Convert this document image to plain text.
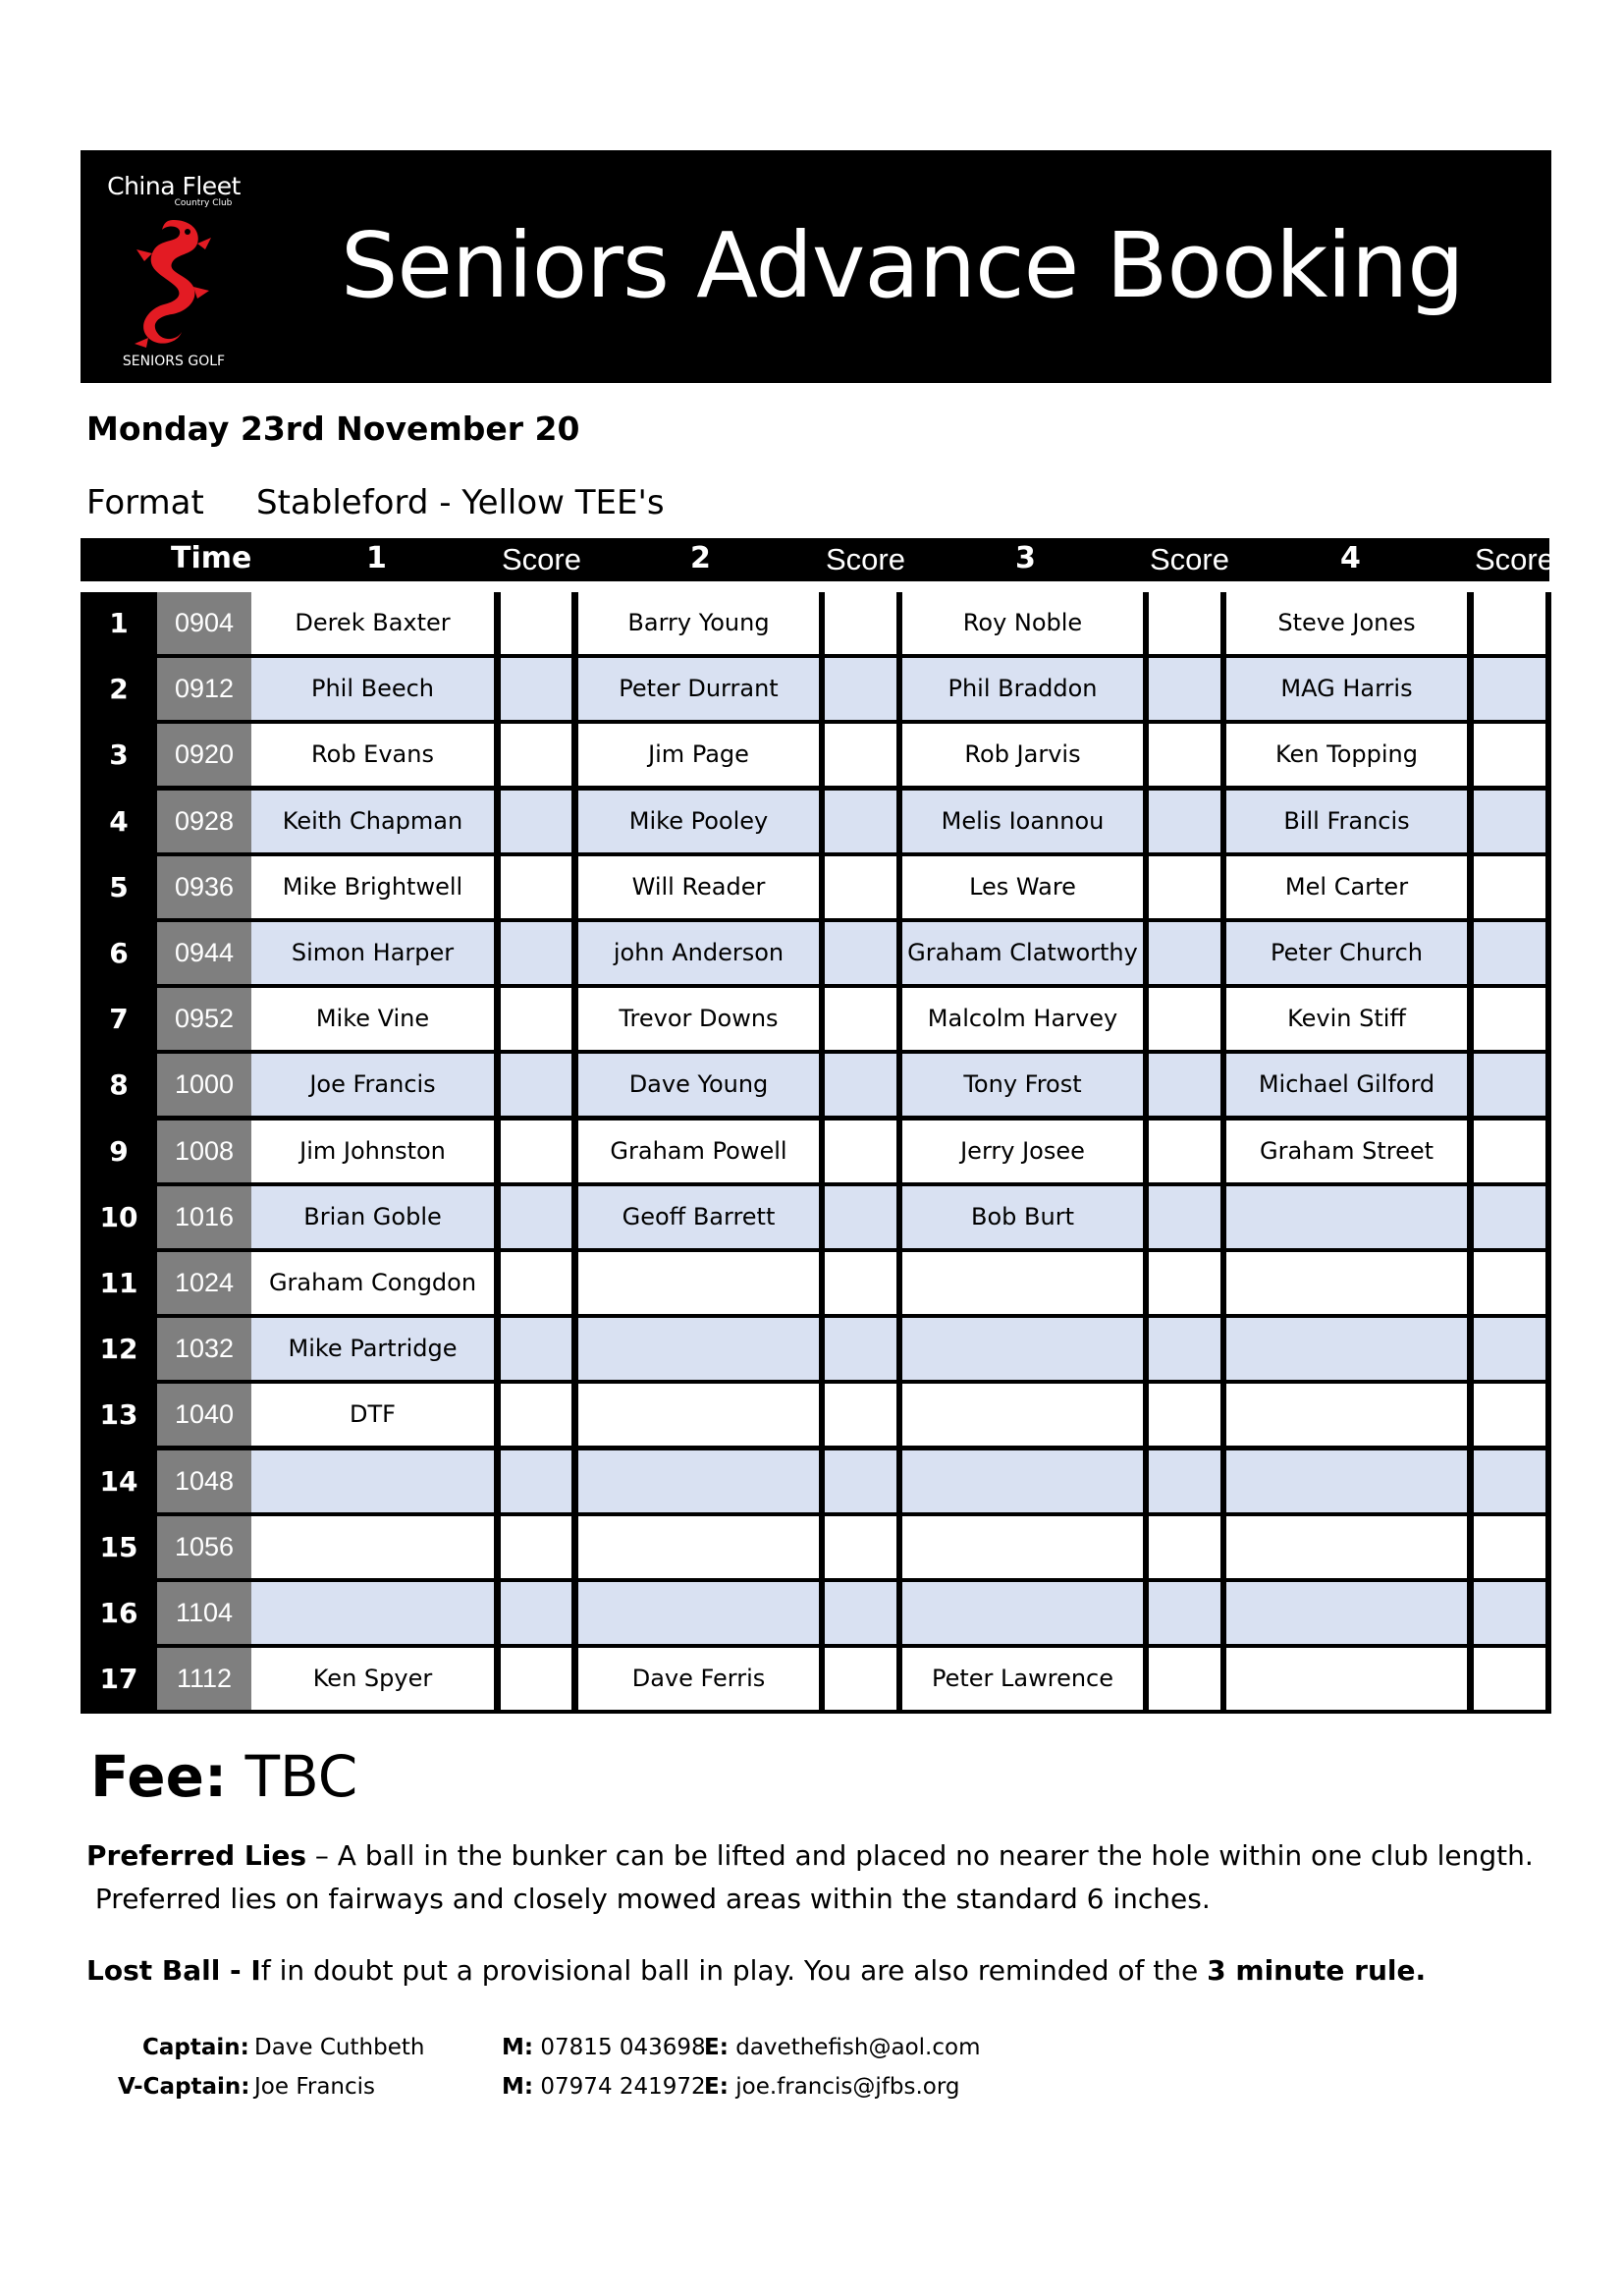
China Fleet
Country Club
SENIORS GOLF
Seniors Advance Booking
Monday 23rd November 20
Format Stableford - Yellow TEE's
Time	1	Score	2	Score	3	Score	4	Score
1	0904	Derek Baxter	Barry Young	Roy Noble	Steve Jones
2	0912	Phil Beech	Peter Durrant	Phil Braddon	MAG Harris
3	0920	Rob Evans	Jim Page	Rob Jarvis	Ken Topping
4	0928	Keith Chapman	Mike Pooley	Melis Ioannou	Bill Francis
5	0936	Mike Brightwell	Will Reader	Les Ware	Mel Carter
6	0944	Simon Harper	john Anderson	Graham Clatworthy	Peter Church
7	0952	Mike Vine	Trevor Downs	Malcolm Harvey	Kevin Stiff
8	1000	Joe Francis	Dave Young	Tony Frost	Michael Gilford
9	1008	Jim Johnston	Graham Powell	Jerry Josee	Graham Street
10	1016	Brian Goble	Geoff Barrett	Bob Burt
11	1024	Graham Congdon
12	1032	Mike Partridge
13	1040	DTF
14	1048
15	1056
16	1104
17	1112	Ken Spyer	Dave Ferris	Peter Lawrence
Fee: TBC
Preferred Lies – A ball in the bunker can be lifted and placed no nearer the hole within one club length.
Preferred lies on fairways and closely mowed areas within the standard 6 inches.
Lost Ball - If in doubt put a provisional ball in play. You are also reminded of the 3 minute rule.
Captain: Dave Cuthbeth	M: 07815 043698
E: davethefish@aol.com
V-Captain: Joe Francis	M: 07974 241972
E: joe.francis@jfbs.org
